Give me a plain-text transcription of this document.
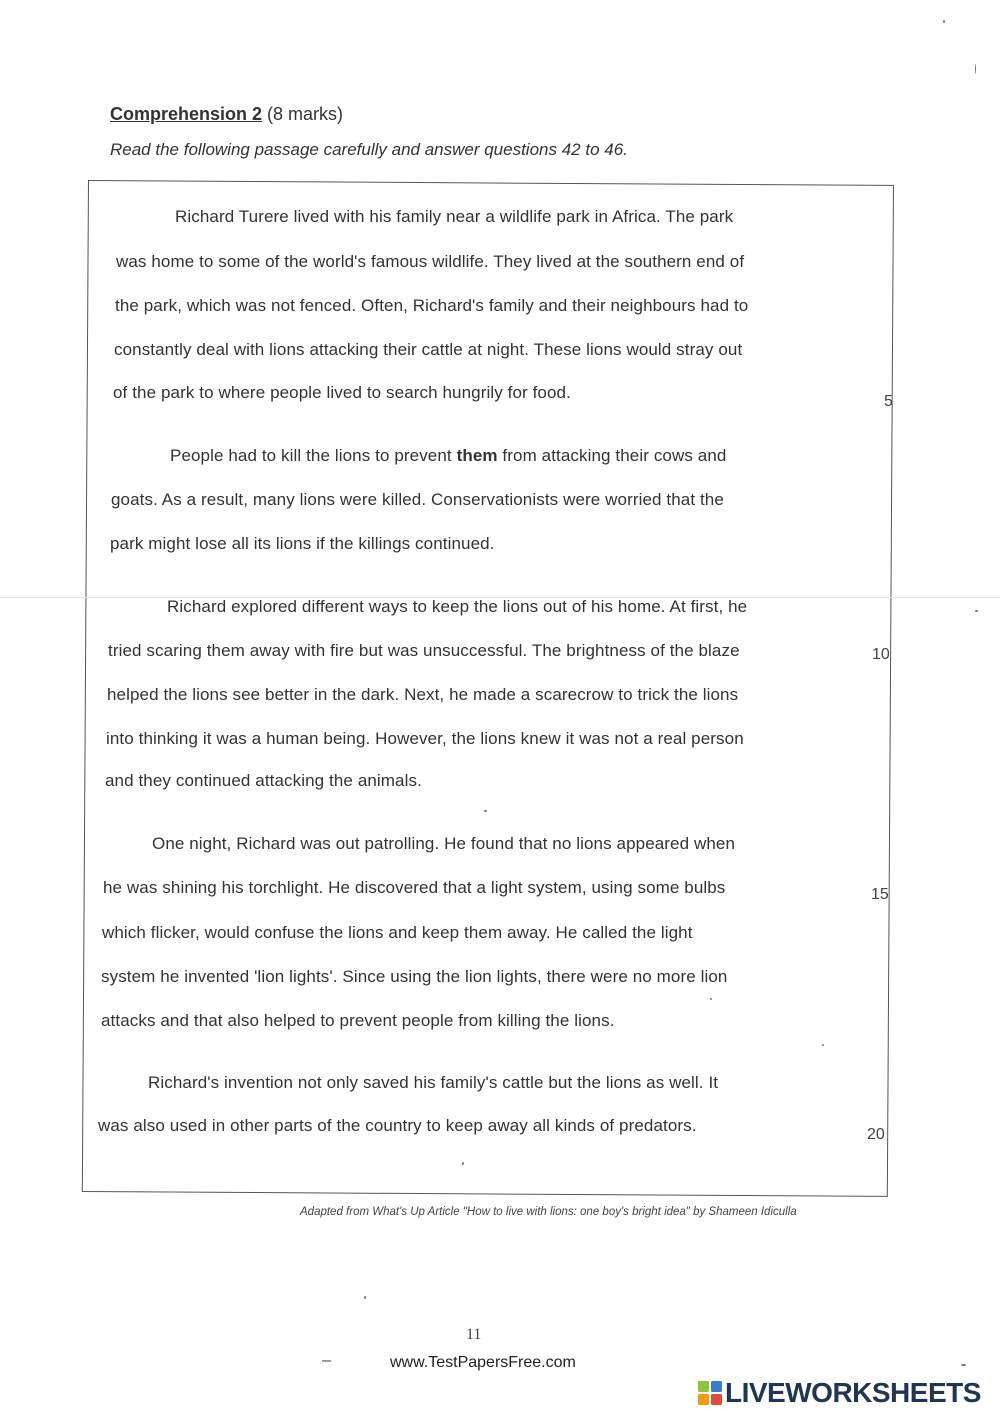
Comprehension 2 (8 marks)
Read the following passage carefully and answer questions 42 to 46.
Richard Turere lived with his family near a wildlife park in Africa. The park
was home to some of the world's famous wildlife. They lived at the southern end of
the park, which was not fenced. Often, Richard's family and their neighbours had to
constantly deal with lions attacking their cattle at night. These lions would stray out
of the park to where people lived to search hungrily for food.	5
People had to kill the lions to prevent them from attacking their cows and
goats. As a result, many lions were killed. Conservationists were worried that the
park might lose all its lions if the killings continued.
Richard explored different ways to keep the lions out of his home. At first, he
tried scaring them away with fire but was unsuccessful. The brightness of the blaze	10
helped the lions see better in the dark. Next, he made a scarecrow to trick the lions
into thinking it was a human being. However, the lions knew it was not a real person
and they continued attacking the animals.
One night, Richard was out patrolling. He found that no lions appeared when
he was shining his torchlight. He discovered that a light system, using some bulbs	15
which flicker, would confuse the lions and keep them away. He called the light
system he invented 'lion lights'. Since using the lion lights, there were no more lion
attacks and that also helped to prevent people from killing the lions.
Richard's invention not only saved his family's cattle but the lions as well. It
was also used in other parts of the country to keep away all kinds of predators.	20
Adapted from What's Up Article "How to live with lions: one boy's bright idea" by Shameen Idiculla
11
–	www.TestPapersFree.com
LIVEWORKSHEETS
